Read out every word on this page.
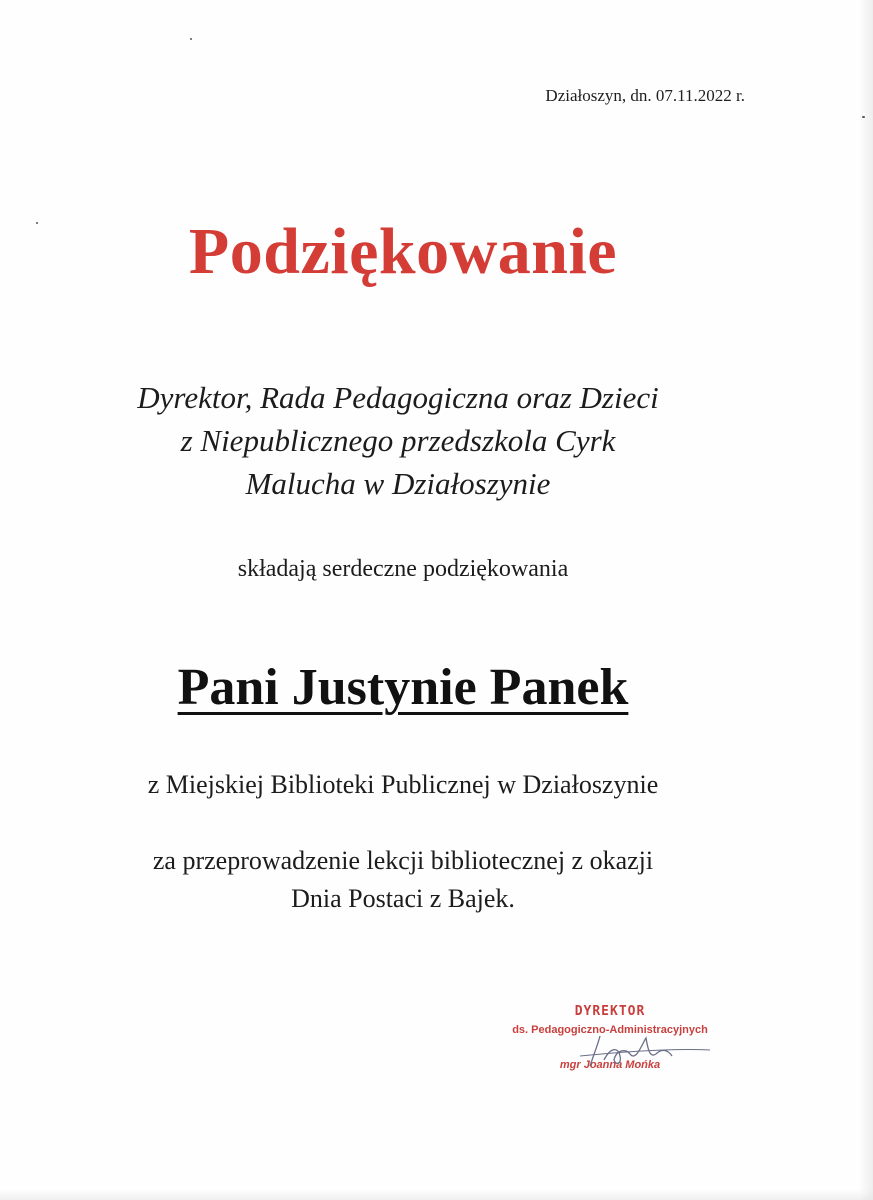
Działoszyn, dn. 07.11.2022 r.
Podziękowanie
Dyrektor, Rada Pedagogiczna oraz Dzieci
z Niepublicznego przedszkola Cyrk
Malucha w Działoszynie
składają serdeczne podziękowania
Pani Justynie Panek
z Miejskiej Biblioteki Publicznej w Działoszynie
za przeprowadzenie lekcji bibliotecznej z okazji
Dnia Postaci z Bajek.
DYREKTOR
ds. Pedagogiczno-Administracyjnych
mgr Joanna Mońka
